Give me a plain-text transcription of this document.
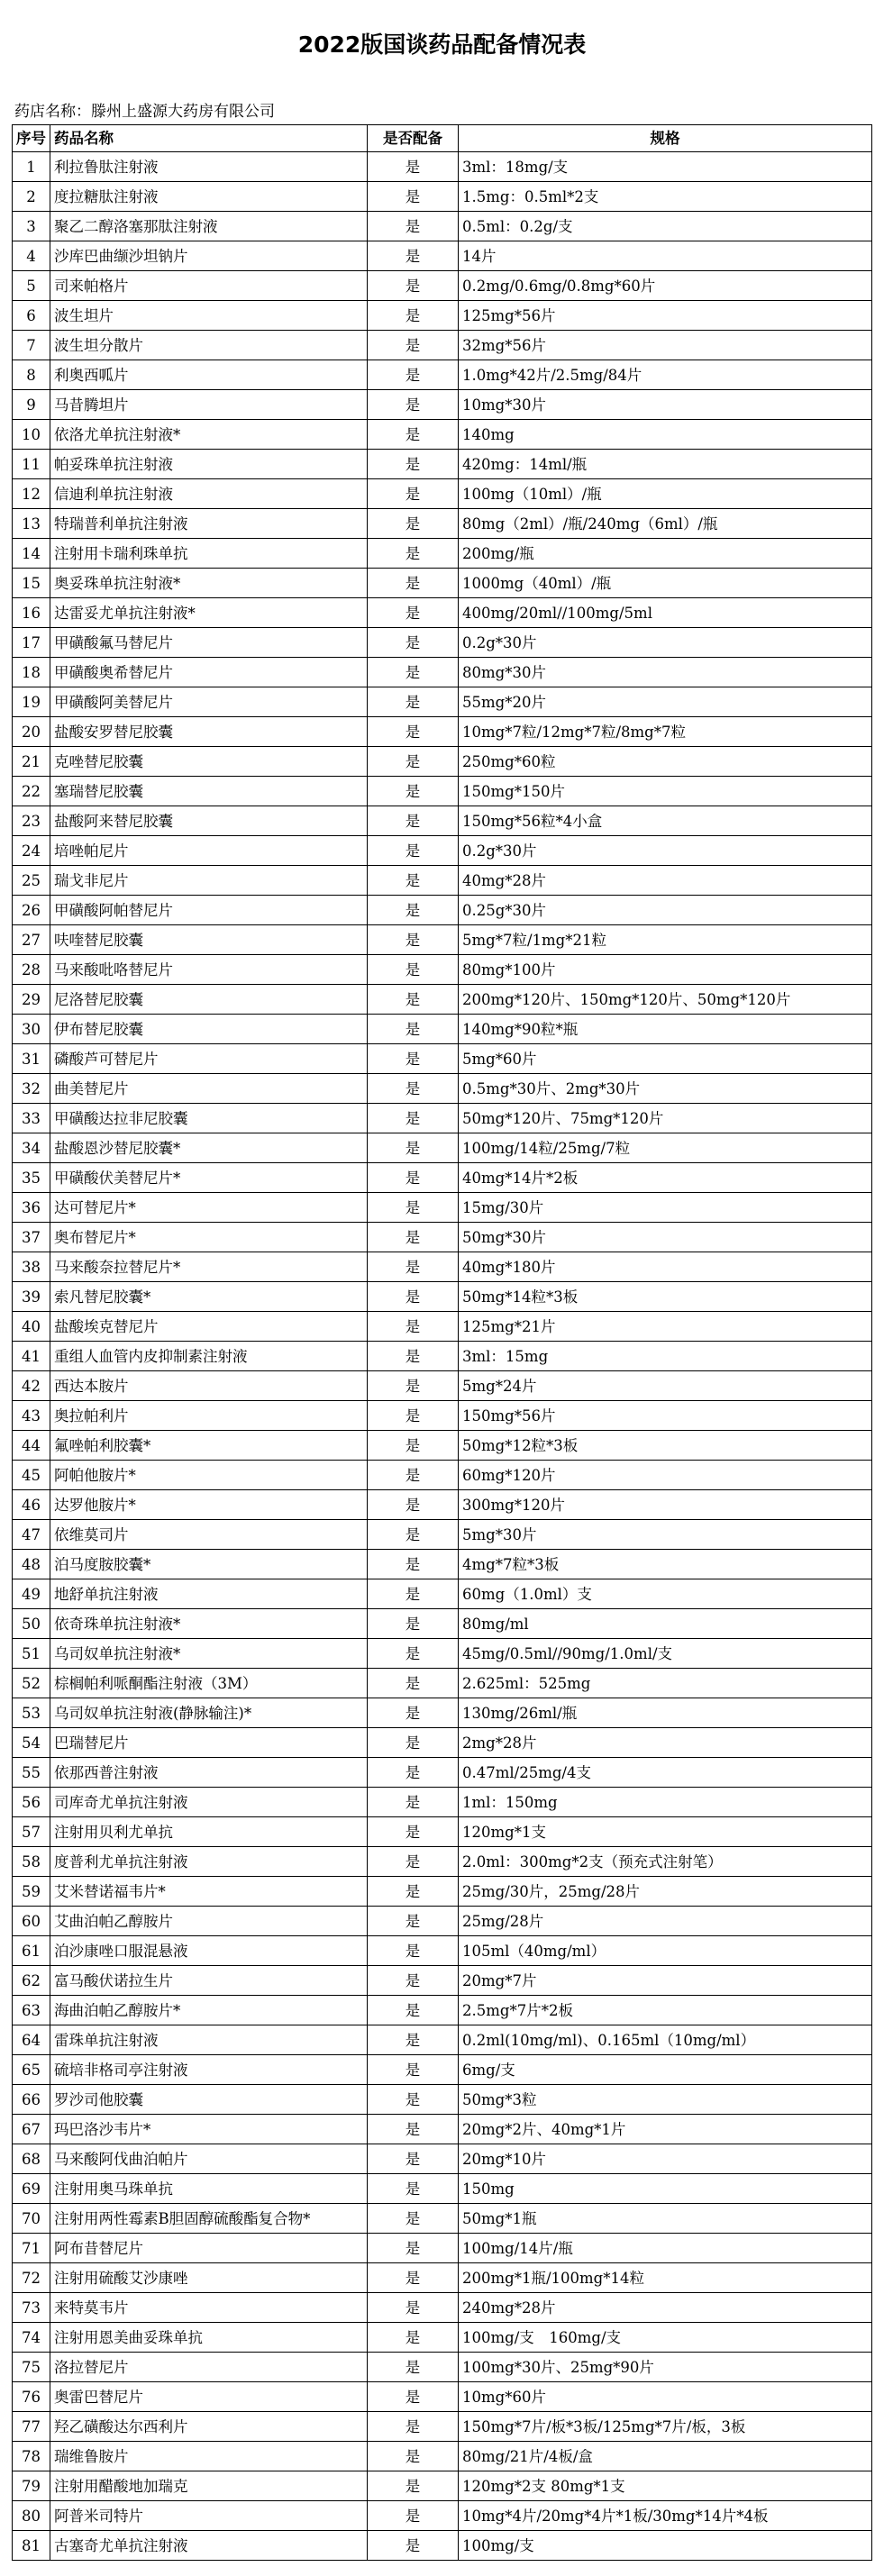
2022版国谈药品配备情况表
药店名称：滕州上盛源大药房有限公司
序号	药品名称	是否配备	规格
1	利拉鲁肽注射液	是	3ml：18mg/支
2	度拉糖肽注射液	是	1.5mg：0.5ml*2支
3	聚乙二醇洛塞那肽注射液	是	0.5ml：0.2g/支
4	沙库巴曲缬沙坦钠片	是	14片
5	司来帕格片	是	0.2mg/0.6mg/0.8mg*60片
6	波生坦片	是	125mg*56片
7	波生坦分散片	是	32mg*56片
8	利奥西呱片	是	1.0mg*42片/2.5mg/84片
9	马昔腾坦片	是	10mg*30片
10	依洛尤单抗注射液*	是	140mg
11	帕妥珠单抗注射液	是	420mg：14ml/瓶
12	信迪利单抗注射液	是	100mg（10ml）/瓶
13	特瑞普利单抗注射液	是	80mg（2ml）/瓶/240mg（6ml）/瓶
14	注射用卡瑞利珠单抗	是	200mg/瓶
15	奥妥珠单抗注射液*	是	1000mg（40ml）/瓶
16	达雷妥尤单抗注射液*	是	400mg/20ml//100mg/5ml
17	甲磺酸氟马替尼片	是	0.2g*30片
18	甲磺酸奥希替尼片	是	80mg*30片
19	甲磺酸阿美替尼片	是	55mg*20片
20	盐酸安罗替尼胶囊	是	10mg*7粒/12mg*7粒/8mg*7粒
21	克唑替尼胶囊	是	250mg*60粒
22	塞瑞替尼胶囊	是	150mg*150片
23	盐酸阿来替尼胶囊	是	150mg*56粒*4小盒
24	培唑帕尼片	是	0.2g*30片
25	瑞戈非尼片	是	40mg*28片
26	甲磺酸阿帕替尼片	是	0.25g*30片
27	呋喹替尼胶囊	是	5mg*7粒/1mg*21粒
28	马来酸吡咯替尼片	是	80mg*100片
29	尼洛替尼胶囊	是	200mg*120片、150mg*120片、50mg*120片
30	伊布替尼胶囊	是	140mg*90粒*瓶
31	磷酸芦可替尼片	是	5mg*60片
32	曲美替尼片	是	0.5mg*30片、2mg*30片
33	甲磺酸达拉非尼胶囊	是	50mg*120片、75mg*120片
34	盐酸恩沙替尼胶囊*	是	100mg/14粒/25mg/7粒
35	甲磺酸伏美替尼片*	是	40mg*14片*2板
36	达可替尼片*	是	15mg/30片
37	奥布替尼片*	是	50mg*30片
38	马来酸奈拉替尼片*	是	40mg*180片
39	索凡替尼胶囊*	是	50mg*14粒*3板
40	盐酸埃克替尼片	是	125mg*21片
41	重组人血管内皮抑制素注射液	是	3ml：15mg
42	西达本胺片	是	5mg*24片
43	奥拉帕利片	是	150mg*56片
44	氟唑帕利胶囊*	是	50mg*12粒*3板
45	阿帕他胺片*	是	60mg*120片
46	达罗他胺片*	是	300mg*120片
47	依维莫司片	是	5mg*30片
48	泊马度胺胶囊*	是	4mg*7粒*3板
49	地舒单抗注射液	是	60mg（1.0ml）支
50	依奇珠单抗注射液*	是	80mg/ml
51	乌司奴单抗注射液*	是	45mg/0.5ml//90mg/1.0ml/支
52	棕榈帕利哌酮酯注射液（3M）	是	2.625ml：525mg
53	乌司奴单抗注射液(静脉输注)*	是	130mg/26ml/瓶
54	巴瑞替尼片	是	2mg*28片
55	依那西普注射液	是	0.47ml/25mg/4支
56	司库奇尤单抗注射液	是	1ml：150mg
57	注射用贝利尤单抗	是	120mg*1支
58	度普利尤单抗注射液	是	2.0ml：300mg*2支（预充式注射笔）
59	艾米替诺福韦片*	是	25mg/30片，25mg/28片
60	艾曲泊帕乙醇胺片	是	25mg/28片
61	泊沙康唑口服混悬液	是	105ml（40mg/ml）
62	富马酸伏诺拉生片	是	20mg*7片
63	海曲泊帕乙醇胺片*	是	2.5mg*7片*2板
64	雷珠单抗注射液	是	0.2ml(10mg/ml)、0.165ml（10mg/ml）
65	硫培非格司亭注射液	是	6mg/支
66	罗沙司他胶囊	是	50mg*3粒
67	玛巴洛沙韦片*	是	20mg*2片、40mg*1片
68	马来酸阿伐曲泊帕片	是	20mg*10片
69	注射用奥马珠单抗	是	150mg
70	注射用两性霉素B胆固醇硫酸酯复合物*	是	50mg*1瓶
71	阿布昔替尼片	是	100mg/14片/瓶
72	注射用硫酸艾沙康唑	是	200mg*1瓶/100mg*14粒
73	来特莫韦片	是	240mg*28片
74	注射用恩美曲妥珠单抗	是	100mg/支　160mg/支
75	洛拉替尼片	是	100mg*30片、25mg*90片
76	奥雷巴替尼片	是	10mg*60片
77	羟乙磺酸达尔西利片	是	150mg*7片/板*3板/125mg*7片/板，3板
78	瑞维鲁胺片	是	80mg/21片/4板/盒
79	注射用醋酸地加瑞克	是	120mg*2支 80mg*1支
80	阿普米司特片	是	10mg*4片/20mg*4片*1板/30mg*14片*4板
81	古塞奇尤单抗注射液	是	100mg/支
